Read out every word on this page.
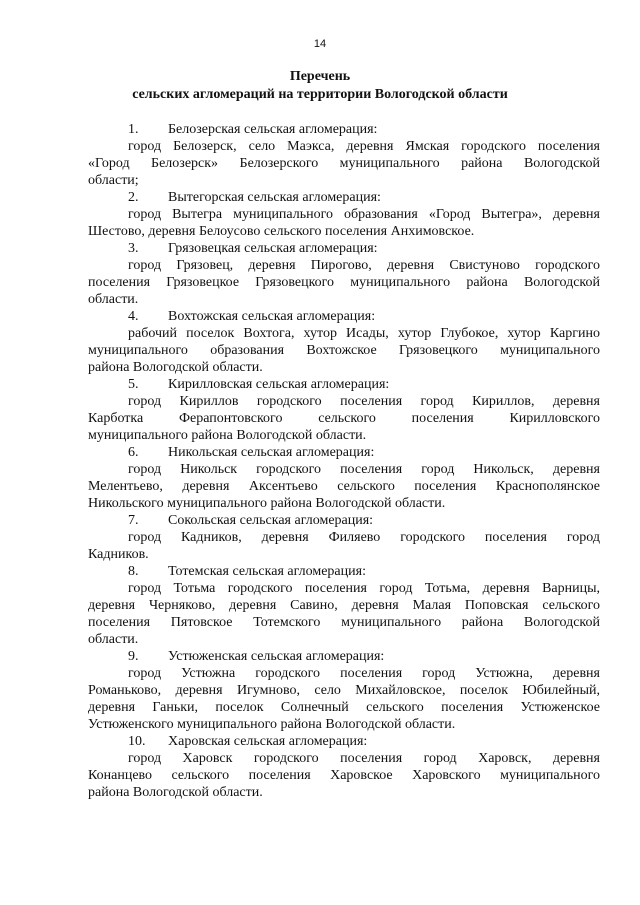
14
Перечень
сельских агломераций на территории Вологодской области
1. Белозерская сельская агломерация:
город Белозерск, село Маэкса, деревня Ямская городского поселения
«Город Белозерск» Белозерского муниципального района Вологодской
области;
2. Вытегорская сельская агломерация:
город Вытегра муниципального образования «Город Вытегра», деревня
Шестово, деревня Белоусово сельского поселения Анхимовское.
3. Грязовецкая сельская агломерация:
город Грязовец, деревня Пирогово, деревня Свистуново городского
поселения Грязовецкое Грязовецкого муниципального района Вологодской
области.
4. Вохтожская сельская агломерация:
рабочий поселок Вохтога, хутор Исады, хутор Глубокое, хутор Каргино
муниципального образования Вохтожское Грязовецкого муниципального
района Вологодской области.
5. Кирилловская сельская агломерация:
город Кириллов городского поселения город Кириллов, деревня
Карботка Ферапонтовского сельского поселения Кирилловского
муниципального района Вологодской области.
6. Никольская сельская агломерация:
город Никольск городского поселения город Никольск, деревня
Мелентьево, деревня Аксентьево сельского поселения Краснополянское
Никольского муниципального района Вологодской области.
7. Сокольская сельская агломерация:
город Кадников, деревня Филяево городского поселения город
Кадников.
8. Тотемская сельская агломерация:
город Тотьма городского поселения город Тотьма, деревня Варницы,
деревня Черняково, деревня Савино, деревня Малая Поповская сельского
поселения Пятовское Тотемского муниципального района Вологодской
области.
9. Устюженская сельская агломерация:
город Устюжна городского поселения город Устюжна, деревня
Романьково, деревня Игумново, село Михайловское, поселок Юбилейный,
деревня Ганьки, поселок Солнечный сельского поселения Устюженское
Устюженского муниципального района Вологодской области.
10. Харовская сельская агломерация:
город Харовск городского поселения город Харовск, деревня
Конанцево сельского поселения Харовское Харовского муниципального
района Вологодской области.
